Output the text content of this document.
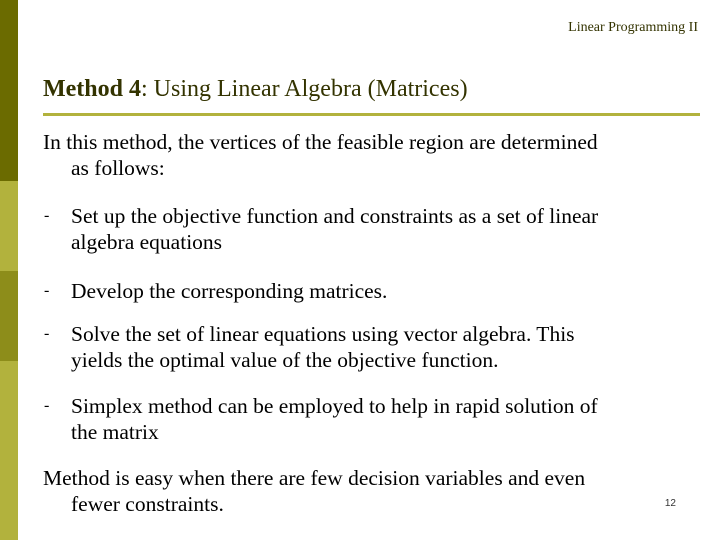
Linear Programming II
Method 4: Using Linear Algebra (Matrices)
In this method, the vertices of the feasible region are determined
as follows:
- Set up the objective function and constraints as a set of linear
algebra equations
- Develop the corresponding matrices.
- Solve the set of linear equations using vector algebra. This
yields the optimal value of the objective function.
- Simplex method can be employed to help in rapid solution of
the matrix
Method is easy when there are few decision variables and even
fewer constraints.	12
